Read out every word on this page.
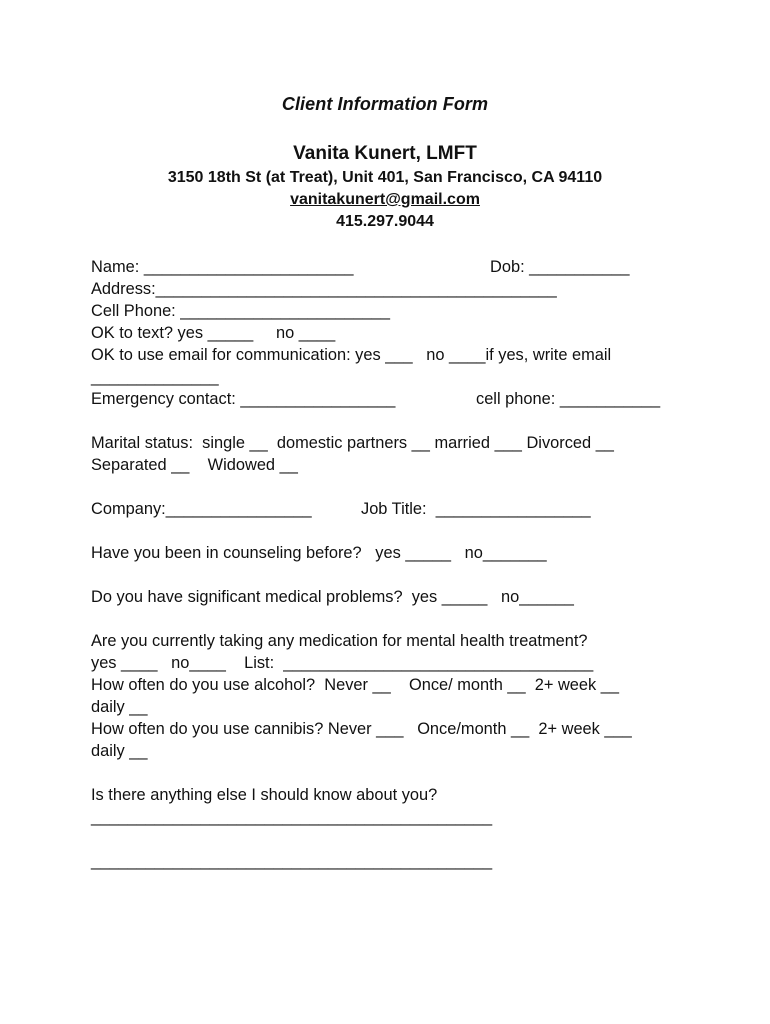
Client Information Form
Vanita Kunert, LMFT
3150 18th St (at Treat), Unit 401, San Francisco, CA 94110
vanitakunert@gmail.com
415.297.9044
Name: _______________________	Dob: ___________
Address:____________________________________________
Cell Phone: _______________________
OK to text? yes _____     no ____
OK to use email for communication: yes ___   no ____if yes, write email
______________
Emergency contact: _________________	cell phone: ___________
Marital status:  single __  domestic partners __ married ___ Divorced __
Separated __    Widowed __
Company:________________	Job Title:  _________________
Have you been in counseling before?   yes _____   no_______
Do you have significant medical problems?  yes _____   no______
Are you currently taking any medication for mental health treatment?
yes ____   no____    List:  __________________________________
How often do you use alcohol?  Never __    Once/ month __  2+ week __
daily __
How often do you use cannibis? Never ___   Once/month __  2+ week ___
daily __
Is there anything else I should know about you?
____________________________________________
____________________________________________
